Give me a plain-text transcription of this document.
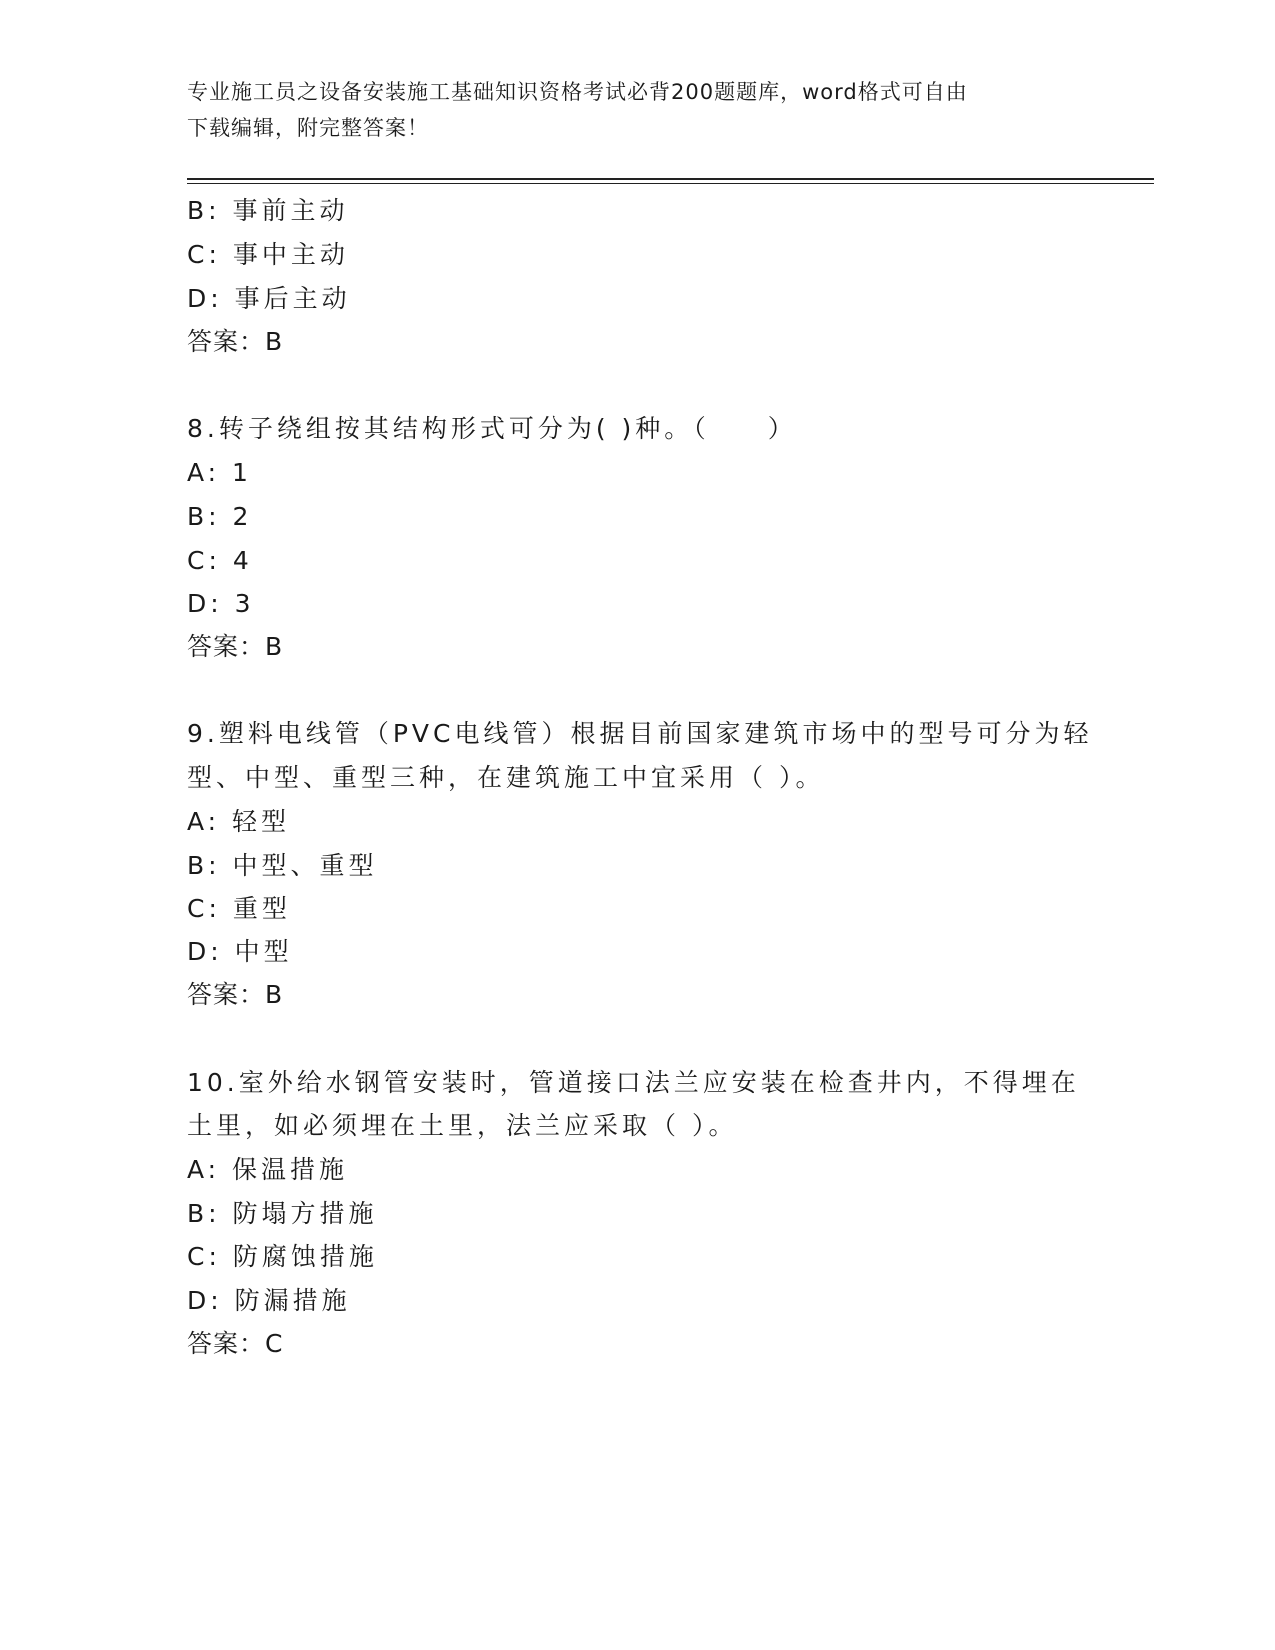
专业施工员之设备安装施工基础知识资格考试必背200题题库，word格式可自由
下载编辑，附完整答案！
B: 事前主动
C: 事中主动
D: 事后主动
答案：B
8.转子绕组按其结构形式可分为( )种。（　　）
A: 1
B: 2
C: 4
D: 3
答案：B
9.塑料电线管（PVC电线管）根据目前国家建筑市场中的型号可分为轻
型、中型、重型三种，在建筑施工中宜采用（ ）。
A: 轻型
B: 中型、重型
C: 重型
D: 中型
答案：B
10.室外给水钢管安装时，管道接口法兰应安装在检查井内，不得埋在
土里，如必须埋在土里，法兰应采取（ ）。
A: 保温措施
B: 防塌方措施
C: 防腐蚀措施
D: 防漏措施
答案：C
